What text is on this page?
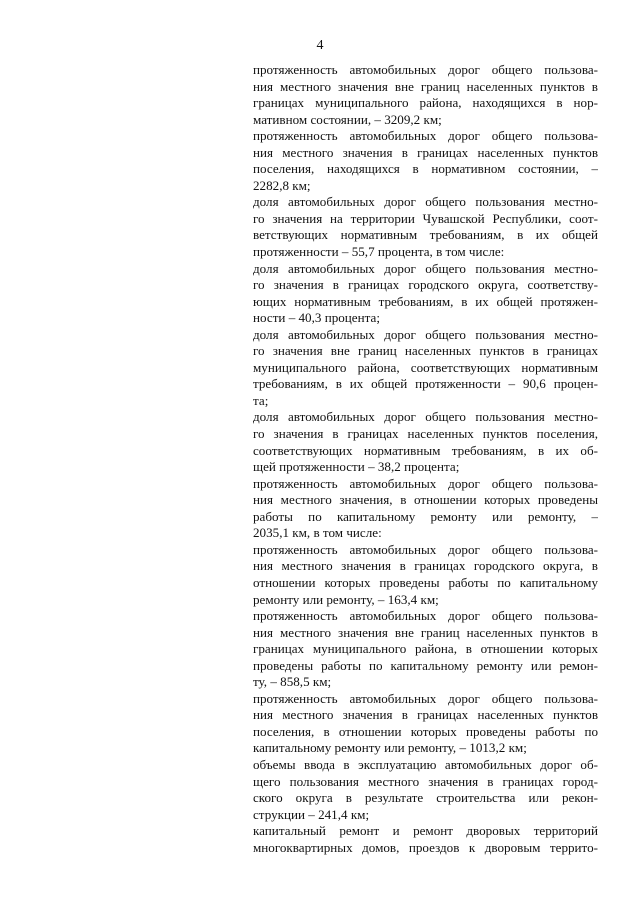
4
протяженность автомобильных дорог общего пользова-
ния местного значения вне границ населенных пунктов в
границах муниципального района, находящихся в нор-
мативном состоянии, – 3209,2 км;
протяженность автомобильных дорог общего пользова-
ния местного значения в границах населенных пунктов
поселения, находящихся в нормативном состоянии, –
2282,8 км;
доля автомобильных дорог общего пользования местно-
го значения на территории Чувашской Республики, соот-
ветствующих нормативным требованиям, в их общей
протяженности – 55,7 процента, в том числе:
доля автомобильных дорог общего пользования местно-
го значения в границах городского округа, соответству-
ющих нормативным требованиям, в их общей протяжен-
ности – 40,3 процента;
доля автомобильных дорог общего пользования местно-
го значения вне границ населенных пунктов в границах
муниципального района, соответствующих нормативным
требованиям, в их общей протяженности – 90,6 процен-
та;
доля автомобильных дорог общего пользования местно-
го значения в границах населенных пунктов поселения,
соответствующих нормативным требованиям, в их об-
щей протяженности – 38,2 процента;
протяженность автомобильных дорог общего пользова-
ния местного значения, в отношении которых проведены
работы по капитальному ремонту или ремонту, –
2035,1 км, в том числе:
протяженность автомобильных дорог общего пользова-
ния местного значения в границах городского округа, в
отношении которых проведены работы по капитальному
ремонту или ремонту, – 163,4 км;
протяженность автомобильных дорог общего пользова-
ния местного значения вне границ населенных пунктов в
границах муниципального района, в отношении которых
проведены работы по капитальному ремонту или ремон-
ту, – 858,5 км;
протяженность автомобильных дорог общего пользова-
ния местного значения в границах населенных пунктов
поселения, в отношении которых проведены работы по
капитальному ремонту или ремонту, – 1013,2 км;
объемы ввода в эксплуатацию автомобильных дорог об-
щего пользования местного значения в границах город-
ского округа в результате строительства или рекон-
струкции – 241,4 км;
капитальный ремонт и ремонт дворовых территорий
многоквартирных домов, проездов к дворовым террито-
